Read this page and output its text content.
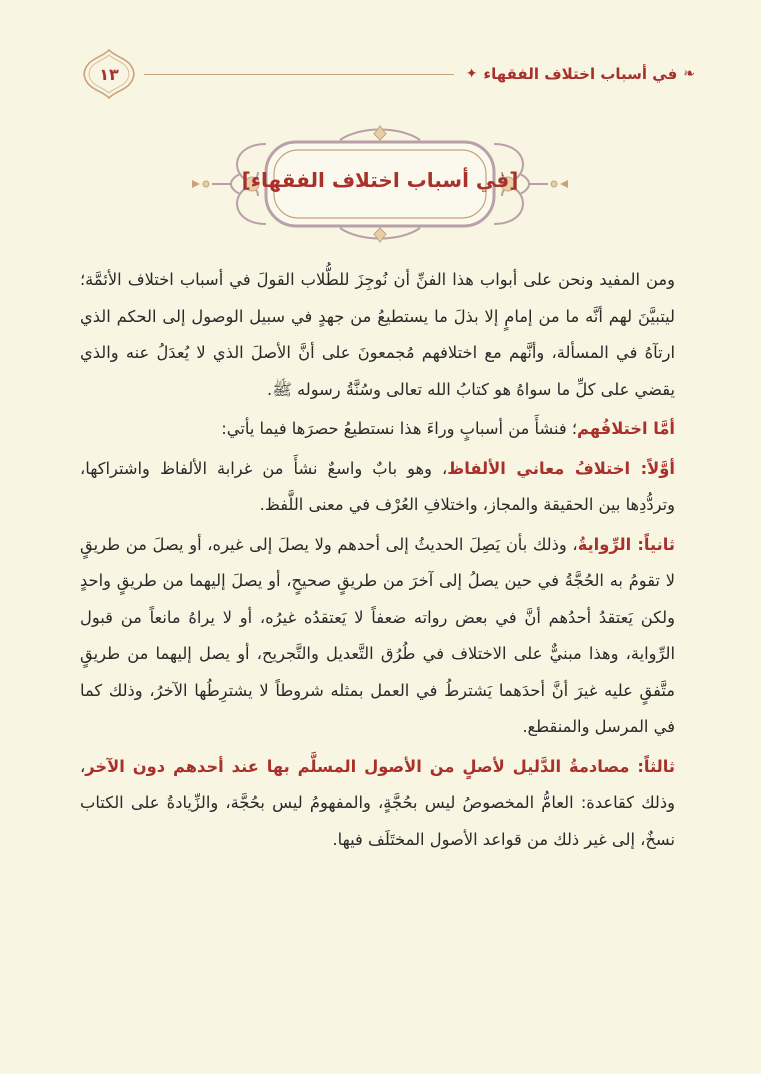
❧
في أسباب اختلاف الفقهاء
✦
١٣
[في أسباب اختلاف الفقهاء]

ومن المفيد ونحن على أبواب هذا الفنِّ أن نُوجِزَ للطُّلاب القولَ في أسباب اختلاف الأئمَّة؛ ليتبيَّنَ لهم أنَّه ما من إمامٍ إلا بذلَ ما يستطيعُ من جهدٍ في سبيل الوصول إلى الحكم الذي ارتآهُ في المسألة، وأنَّهم مع اختلافهم مُجمعونَ على أنَّ الأصلَ الذي لا يُعدَلُ عنه والذي يقضي على كلِّ ما سواهُ هو كتابُ الله تعالى وسُنَّةُ رسوله ﷺ.

أمَّا اختلافُهم؛ فنشأَ من أسبابٍ وراءَ هذا نستطيعُ حصرَها فيما يأتي:

أوَّلاً: اختلافُ معاني الألفاظ، وهو بابٌ واسعٌ نشأَ من غرابة الألفاظ واشتراكها، وتردُّدِها بين الحقيقة والمجاز، واختلافِ العُرْف في معنى اللَّفظ.

ثانياً: الرِّوايةُ، وذلك بأن يَصِلَ الحديثُ إلى أحدهم ولا يصلَ إلى غيره، أو يصلَ من طريقٍ لا تقومُ به الحُجَّةُ في حين يصلُ إلى آخرَ من طريقٍ صحيحٍ، أو يصلَ إليهما من طريقٍ واحدٍ ولكن يَعتقدُ أحدُهم أنَّ في بعض رواته ضعفاً لا يَعتقدُه غيرُه، أو لا يراهُ مانعاً من قبول الرِّواية، وهذا مبنيٌّ على الاختلاف في طُرُق التَّعديل والتَّجريح، أو يصل إليهما من طريقٍ متَّفقٍ عليه غيرَ أنَّ أحدَهما يَشترطُ في العمل بمثله شروطاً لا يشترِطُها الآخرُ، وذلك كما في المرسل والمنقطع.

ثالثاً: مصادمةُ الدَّليل لأصلٍ من الأصول المسلَّم بها عند أحدهم دون الآخر، وذلك كقاعدة: العامُّ المخصوصُ ليس بحُجَّةٍ، والمفهومُ ليس بحُجَّة، والزِّيادةُ على الكتاب نسخٌ، إلى غير ذلك من قواعد الأصول المختَلَف فيها.
